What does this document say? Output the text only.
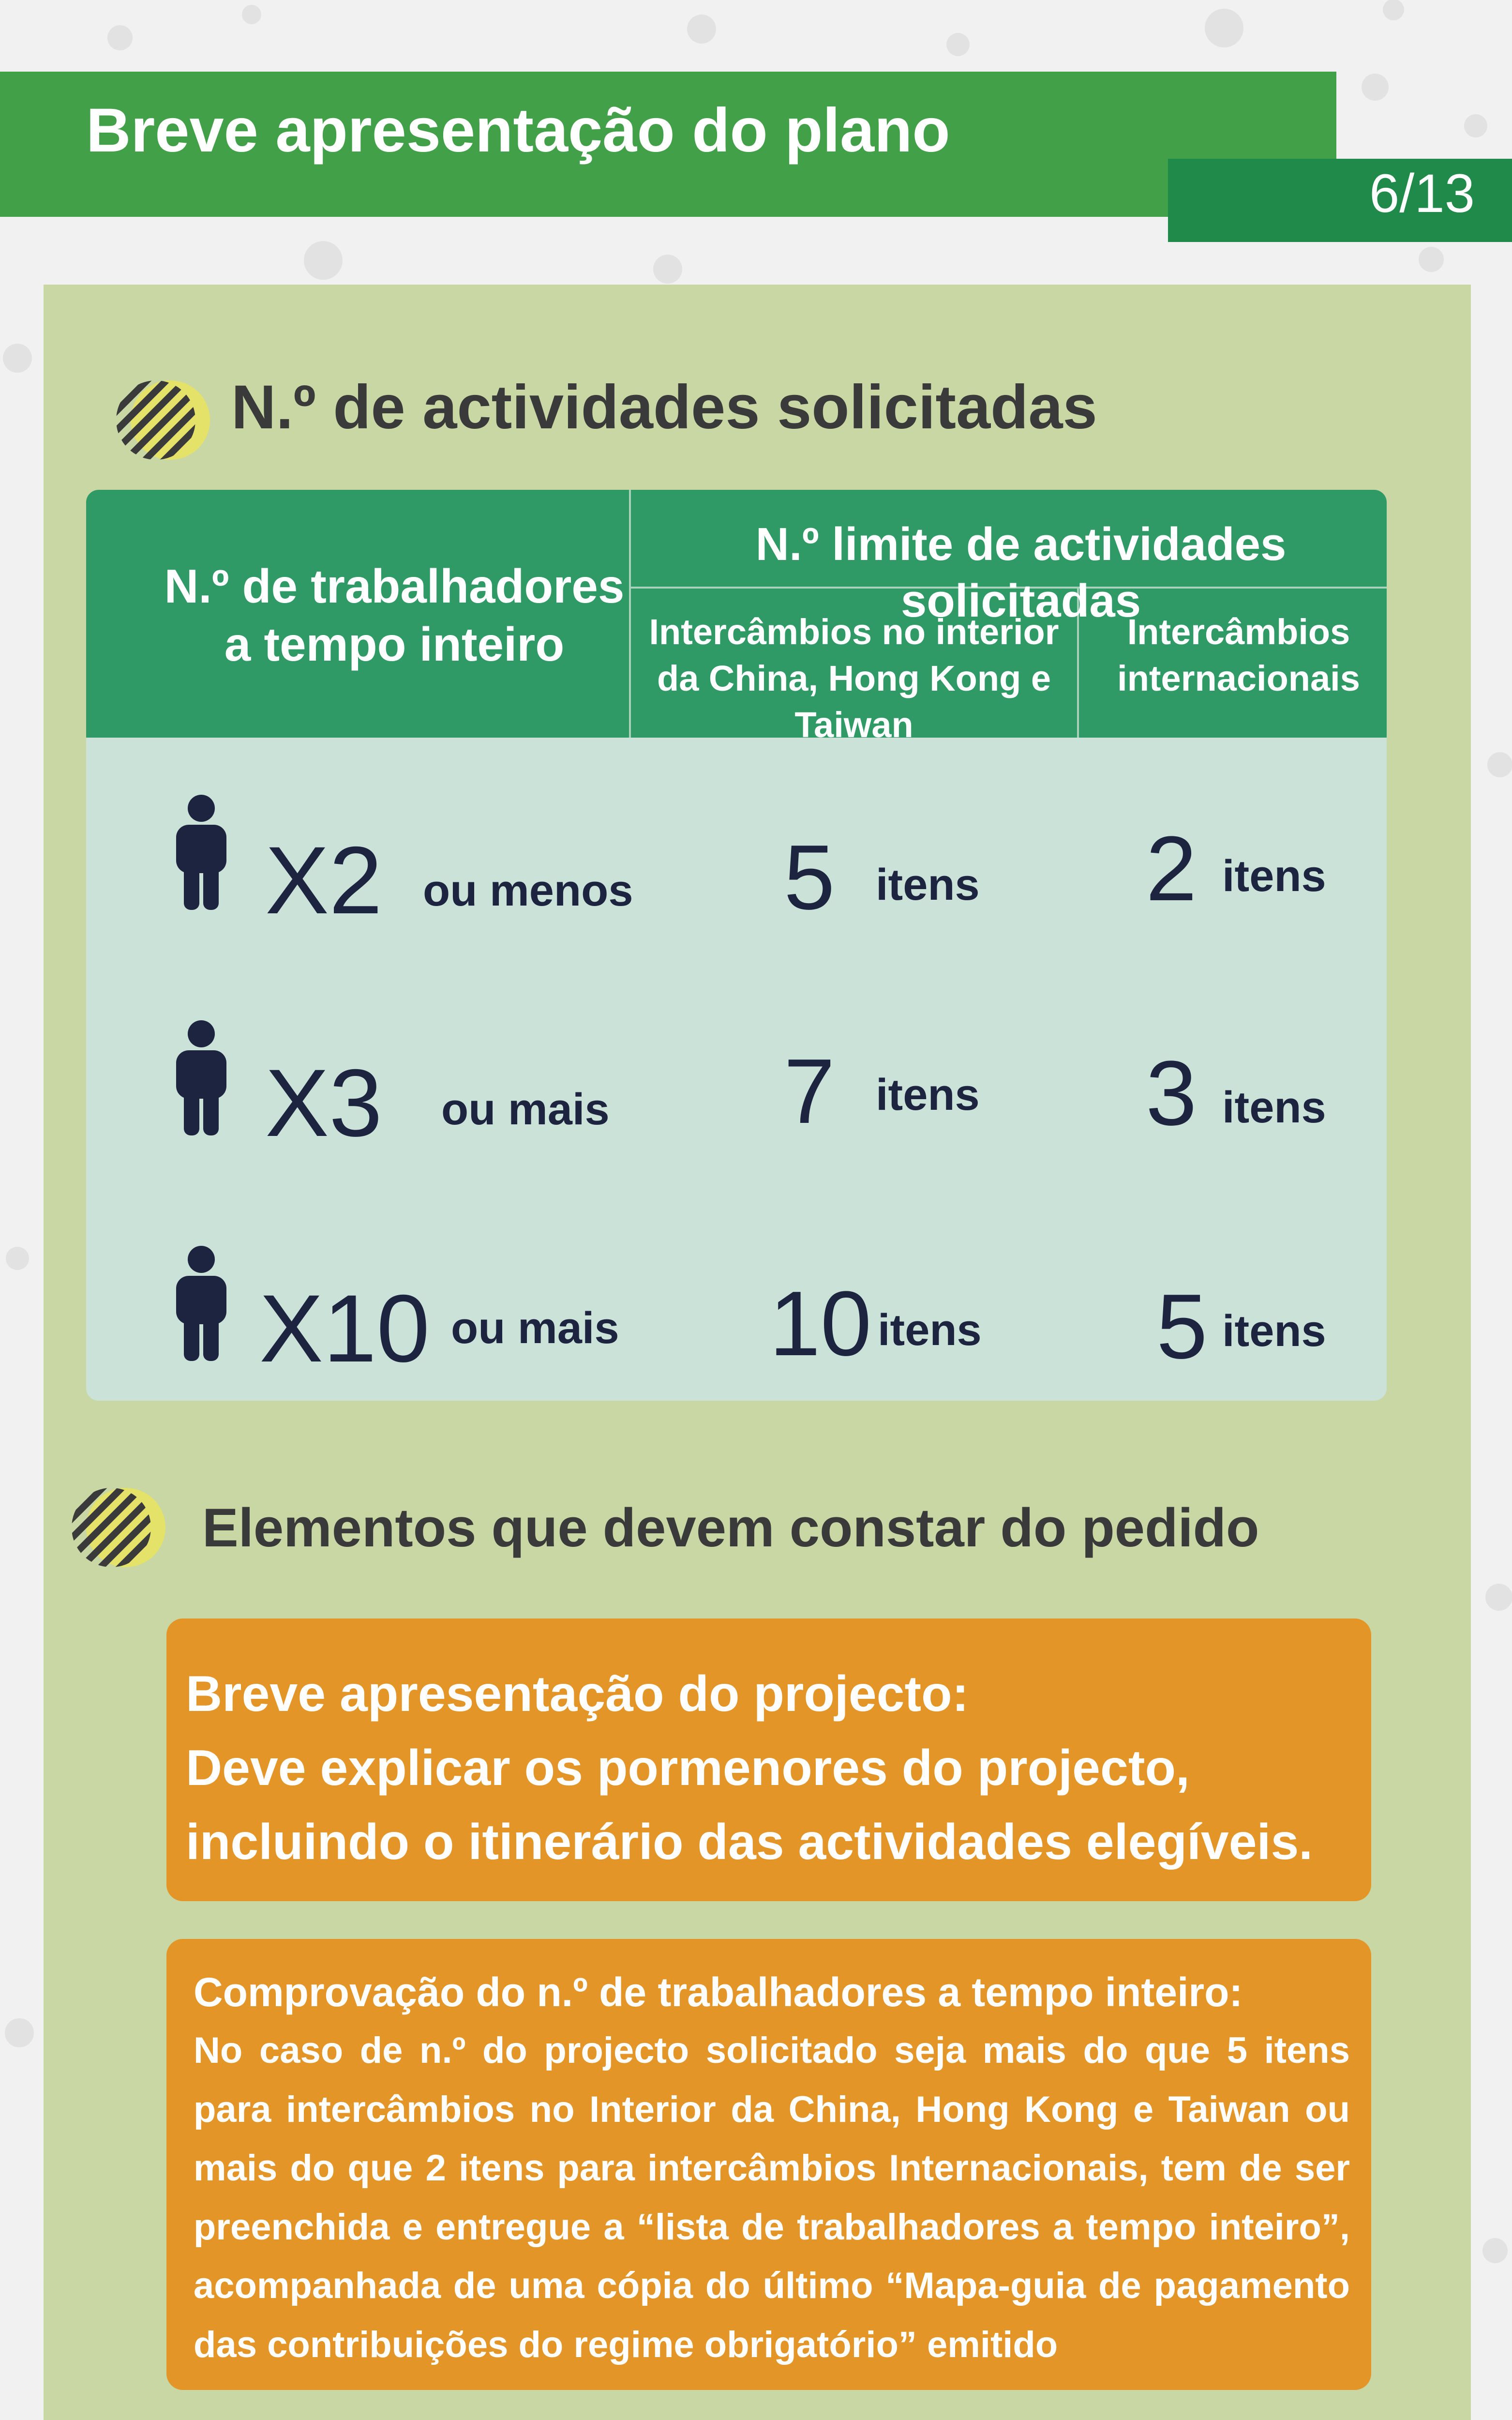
Breve apresentação do plano
6/13
N.º de actividades solicitadas
N.º de trabalhadores a tempo inteiro
N.º limite de actividades solicitadas
Intercâmbios no interior da China, Hong Kong e Taiwan
Intercâmbios internacionais
X2 ou menos 5 itens 2 itens
X3 ou mais 7 itens 3 itens
X10 ou mais 10 itens 5 itens
Elementos que devem constar do pedido
Breve apresentação do projecto:
Deve explicar os pormenores do projecto, incluindo o itinerário das actividades elegíveis.
Comprovação do n.º de trabalhadores a tempo inteiro:
No caso de n.º do projecto solicitado seja mais do que 5 itens para intercâmbios no Interior da China, Hong Kong e Taiwan ou mais do que 2 itens para intercâmbios Internacionais, tem de ser preenchida e entregue a “lista de trabalhadores a tempo inteiro”, acompanhada de uma cópia do último “Mapa-guia de pagamento das contribuições do regime obrigatório” emitido
